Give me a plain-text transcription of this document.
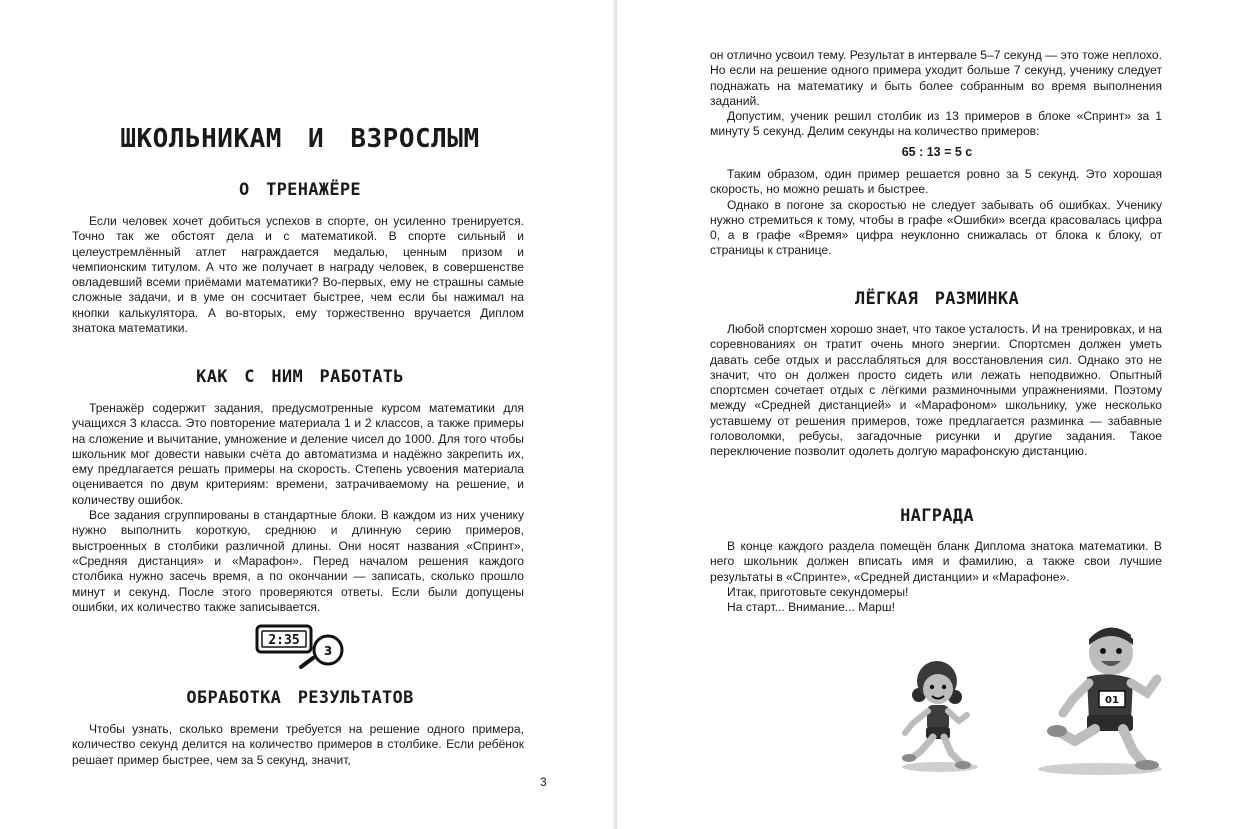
ШКОЛЬНИКАМ И ВЗРОСЛЫМ
О ТРЕНАЖЁРЕ

Если человек хочет добиться успехов в спорте, он усиленно тренируется. Точно так же обстоят дела и с математикой. В спорте сильный и целеустремлённый атлет награждается медалью, ценным призом и чемпионским титулом. А что же получает в награду человек, в совершенстве овладевший всеми приёмами математики? Во-первых, ему не страшны самые сложные задачи, и в уме он сосчитает быстрее, чем если бы нажимал на кнопки калькулятора. А во-вторых, ему торжественно вручается Диплом знатока математики.

КАК С НИМ РАБОТАТЬ

Тренажёр содержит задания, предусмотренные курсом математики для учащихся 3 класса. Это повторение материала 1 и 2 классов, а также примеры на сложение и вычитание, умножение и деление чисел до 1000. Для того чтобы школьник мог довести навыки счёта до автоматизма и надёжно закрепить их, ему предлагается решать примеры на скорость. Степень усвоения материала оценивается по двум критериям: времени, затрачиваемому на решение, и количеству ошибок.

Все задания сгруппированы в стандартные блоки. В каждом из них ученику нужно выполнить короткую, среднюю и длинную серию примеров, выстроенных в столбики различной длины. Они носят названия «Спринт», «Средняя дистанция» и «Марафон». Перед началом решения каждого столбика нужно засечь время, а по окончании — записать, сколько прошло минут и секунд. После этого проверяются ответы. Если были допущены ошибки, их количество также записывается.

2:35
3
ОБРАБОТКА РЕЗУЛЬТАТОВ

Чтобы узнать, сколько времени требуется на решение одного примера, количество секунд делится на количество примеров в столбике. Если ребёнок решает пример быстрее, чем за 5 секунд, значит,

3

он отлично усвоил тему. Результат в интервале 5–7 секунд — это тоже неплохо. Но если на решение одного примера уходит больше 7 секунд, ученику следует поднажать на математику и быть более собранным во время выполнения заданий.

Допустим, ученик решил столбик из 13 примеров в блоке «Спринт» за 1 минуту 5 секунд. Делим секунды на количество примеров:

65 : 13 = 5 с

Таким образом, один пример решается ровно за 5 секунд. Это хорошая скорость, но можно решать и быстрее.

Однако в погоне за скоростью не следует забывать об ошибках. Ученику нужно стремиться к тому, чтобы в графе «Ошибки» всегда красовалась цифра 0, а в графе «Время» цифра неуклонно снижалась от блока к блоку, от страницы к странице.

ЛЁГКАЯ РАЗМИНКА

Любой спортсмен хорошо знает, что такое усталость. И на тренировках, и на соревнованиях он тратит очень много энергии. Спортсмен должен уметь давать себе отдых и расслабляться для восстановления сил. Однако это не значит, что он должен просто сидеть или лежать неподвижно. Опытный спортсмен сочетает отдых с лёгкими разминочными упражнениями. Поэтому между «Средней дистанцией» и «Марафоном» школьнику, уже несколько уставшему от решения примеров, тоже предлагается разминка — забавные головоломки, ребусы, загадочные рисунки и другие задания. Такое переключение позволит одолеть долгую марафонскую дистанцию.

НАГРАДА

В конце каждого раздела помещён бланк Диплома знатока математики. В него школьник должен вписать имя и фамилию, а также свои лучшие результаты в «Спринте», «Средней дистанции» и «Марафоне».

Итак, приготовьте секундомеры!

На старт... Внимание... Марш!

01
